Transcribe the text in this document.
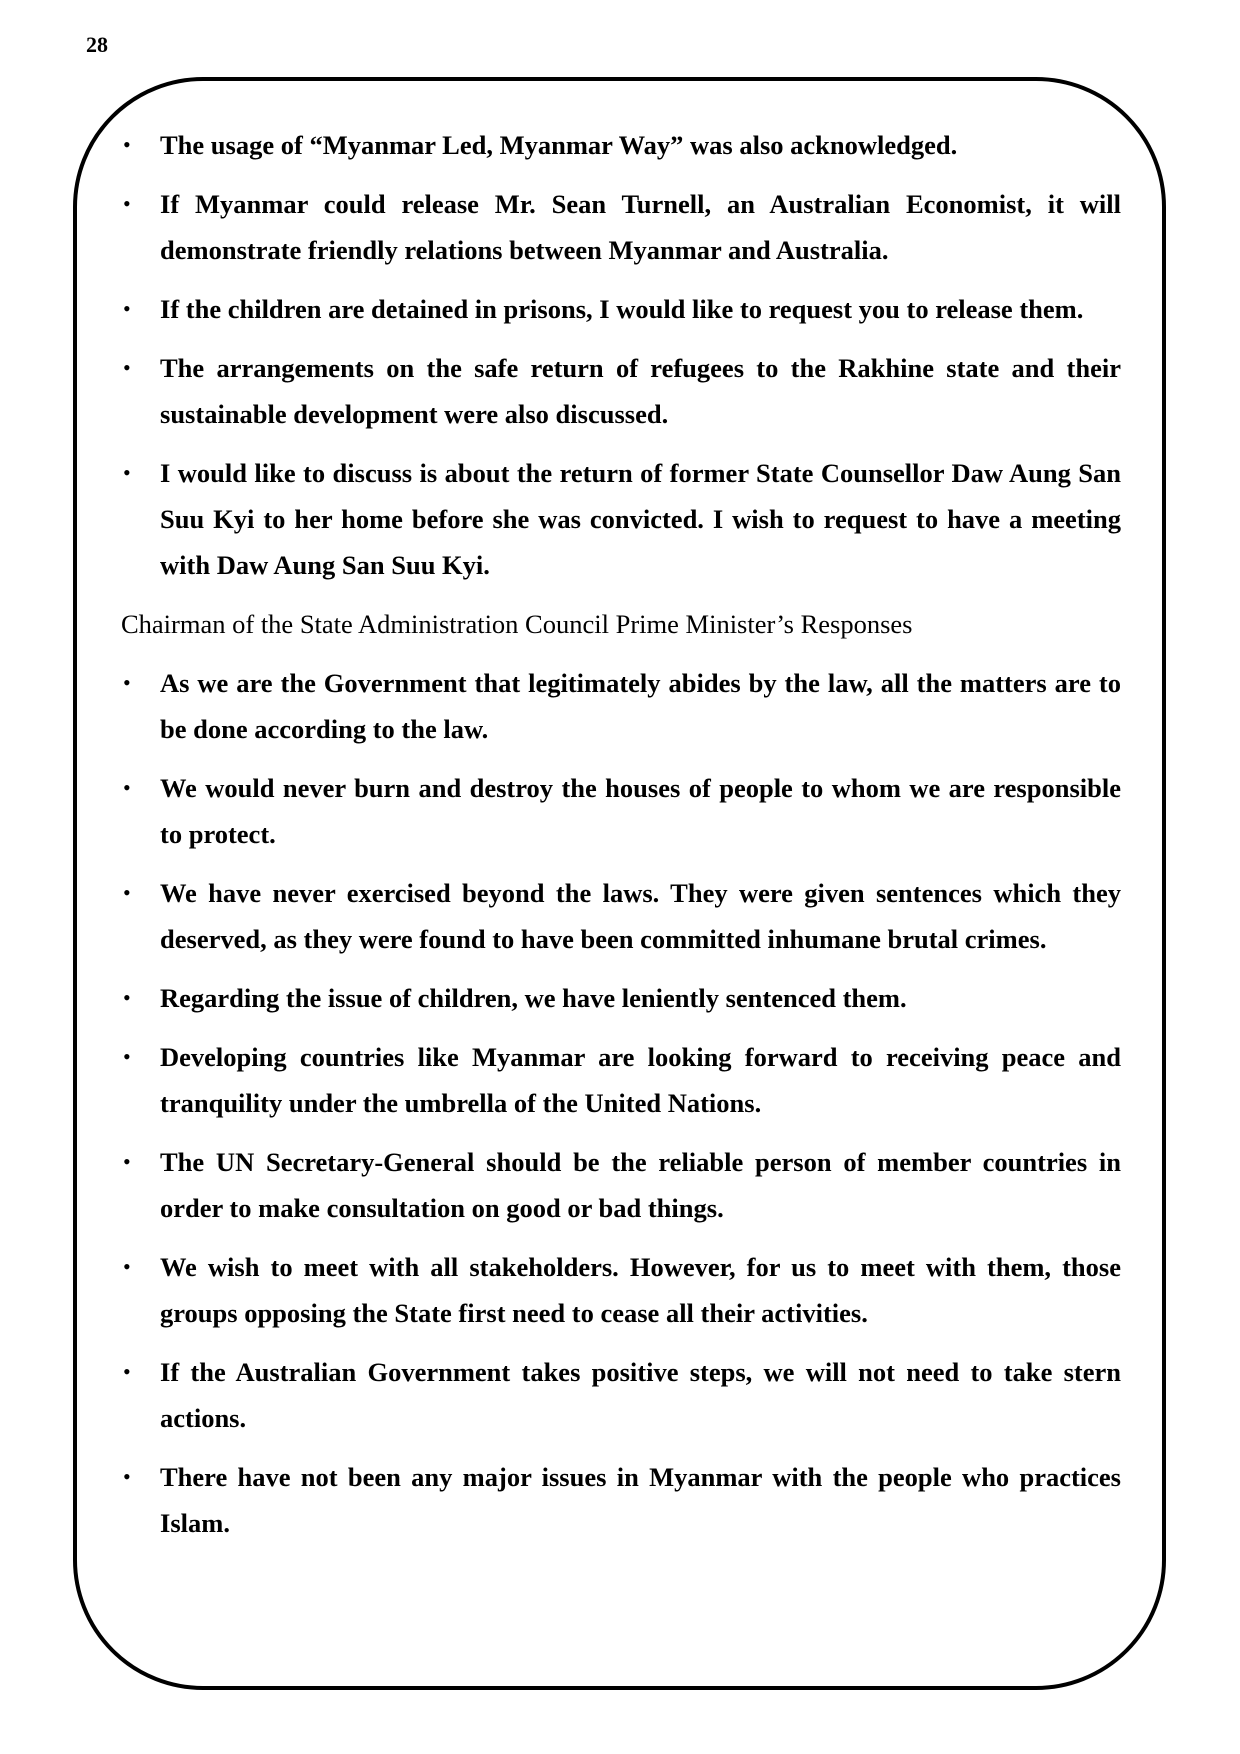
28
• The usage of “Myanmar Led, Myanmar Way” was also acknowledged.
• If Myanmar could release Mr. Sean Turnell, an Australian Economist, it will demonstrate friendly relations between Myanmar and Australia.
• If the children are detained in prisons, I would like to request you to release them.
• The arrangements on the safe return of refugees to the Rakhine state and their sustainable development were also discussed.
• I would like to discuss is about the return of former State Counsellor Daw Aung San Suu Kyi to her home before she was convicted. I wish to request to have a meeting with Daw Aung San Suu Kyi.
Chairman of the State Administration Council Prime Minister’s Responses
• As we are the Government that legitimately abides by the law, all the matters are to be done according to the law.
• We would never burn and destroy the houses of people to whom we are responsible to protect.
• We have never exercised beyond the laws. They were given sentences which they deserved, as they were found to have been committed inhumane brutal crimes.
• Regarding the issue of children, we have leniently sentenced them.
• Developing countries like Myanmar are looking forward to receiving peace and tranquility under the umbrella of the United Nations.
• The UN Secretary-General should be the reliable person of member countries in order to make consultation on good or bad things.
• We wish to meet with all stakeholders. However, for us to meet with them, those groups opposing the State first need to cease all their activities.
• If the Australian Government takes positive steps, we will not need to take stern actions.
• There have not been any major issues in Myanmar with the people who practices Islam.
